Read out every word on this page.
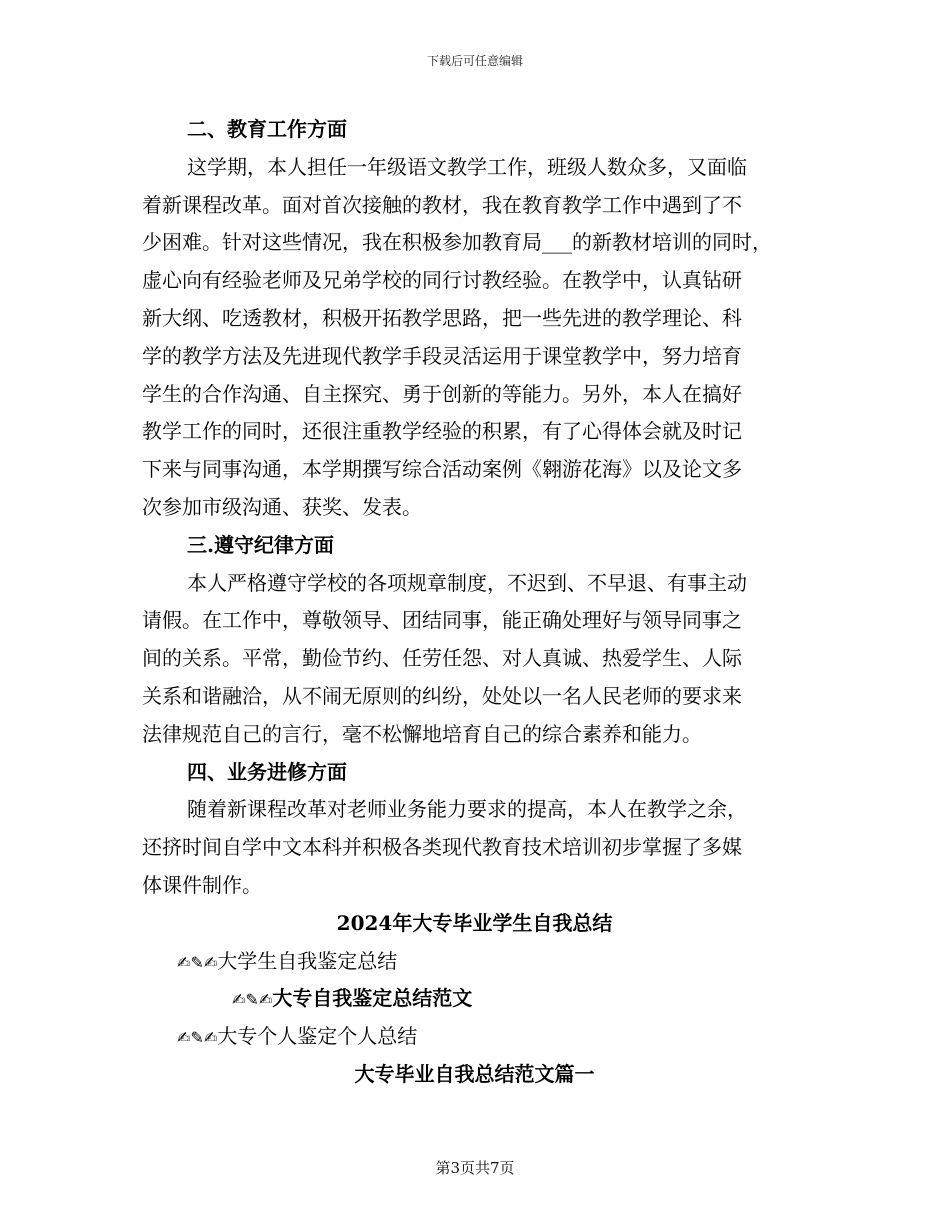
下载后可任意编辑
二、教育工作方面
这学期，本人担任一年级语文教学工作，班级人数众多，又面临
着新课程改革。面对首次接触的教材，我在教育教学工作中遇到了不
少困难。针对这些情况，我在积极参加教育局___的新教材培训的同时，
虚心向有经验老师及兄弟学校的同行讨教经验。在教学中，认真钻研
新大纲、吃透教材，积极开拓教学思路，把一些先进的教学理论、科
学的教学方法及先进现代教学手段灵活运用于课堂教学中，努力培育
学生的合作沟通、自主探究、勇于创新的等能力。另外，本人在搞好
教学工作的同时，还很注重教学经验的积累，有了心得体会就及时记
下来与同事沟通，本学期撰写综合活动案例《翱游花海》以及论文多
次参加市级沟通、获奖、发表。
三.遵守纪律方面
本人严格遵守学校的各项规章制度，不迟到、不早退、有事主动
请假。在工作中，尊敬领导、团结同事，能正确处理好与领导同事之
间的关系。平常，勤俭节约、任劳任怨、对人真诚、热爱学生、人际
关系和谐融洽，从不闹无原则的纠纷，处处以一名人民老师的要求来
法律规范自己的言行，毫不松懈地培育自己的综合素养和能力。
四、业务进修方面
随着新课程改革对老师业务能力要求的提高，本人在教学之余，
还挤时间自学中文本科并积极各类现代教育技术培训初步掌握了多媒
体课件制作。
2024年大专毕业学生自我总结
✍✎✍大学生自我鉴定总结
✍✎✍大专自我鉴定总结范文
✍✎✍大专个人鉴定个人总结
大专毕业自我总结范文篇一
第3页共7页
